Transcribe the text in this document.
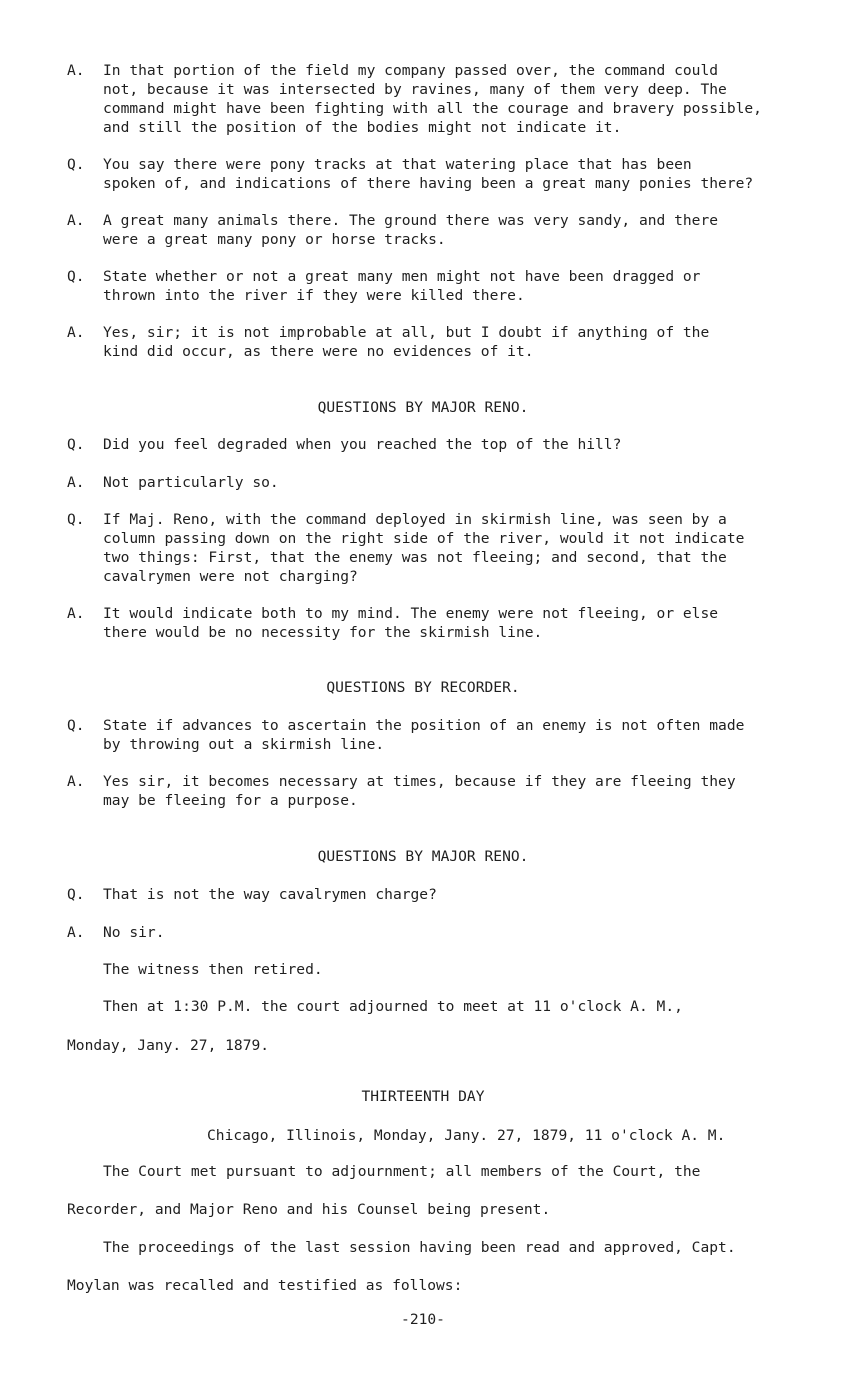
A.	In that portion of the field my company passed over, the command could
not, because it was intersected by ravines, many of them very deep. The
command might have been fighting with all the courage and bravery possible,
and still the position of the bodies might not indicate it.
Q.	You say there were pony tracks at that watering place that has been
spoken of, and indications of there having been a great many ponies there?
A.	A great many animals there. The ground there was very sandy, and there
were a great many pony or horse tracks.
Q.	State whether or not a great many men might not have been dragged or
thrown into the river if they were killed there.
A.	Yes, sir; it is not improbable at all, but I doubt if anything of the
kind did occur, as there were no evidences of it.
QUESTIONS BY MAJOR RENO.
Q.	Did you feel degraded when you reached the top of the hill?
A.	Not particularly so.
Q.	If Maj. Reno, with the command deployed in skirmish line, was seen by a
column passing down on the right side of the river, would it not indicate
two things: First, that the enemy was not fleeing; and second, that the
cavalrymen were not charging?
A.	It would indicate both to my mind. The enemy were not fleeing, or else
there would be no necessity for the skirmish line.
QUESTIONS BY RECORDER.
Q.	State if advances to ascertain the position of an enemy is not often made
by throwing out a skirmish line.
A.	Yes sir, it becomes necessary at times, because if they are fleeing they
may be fleeing for a purpose.
QUESTIONS BY MAJOR RENO.
Q.	That is not the way cavalrymen charge?
A.	No sir.
The witness then retired.
Then at 1:30 P.M. the court adjourned to meet at 11 o'clock A. M.,
Monday, Jany. 27, 1879.
THIRTEENTH DAY
Chicago, Illinois, Monday, Jany. 27, 1879, 11 o'clock A. M.
The Court met pursuant to adjournment; all members of the Court, the
Recorder, and Major Reno and his Counsel being present.
The proceedings of the last session having been read and approved, Capt.
Moylan was recalled and testified as follows:
-210-
